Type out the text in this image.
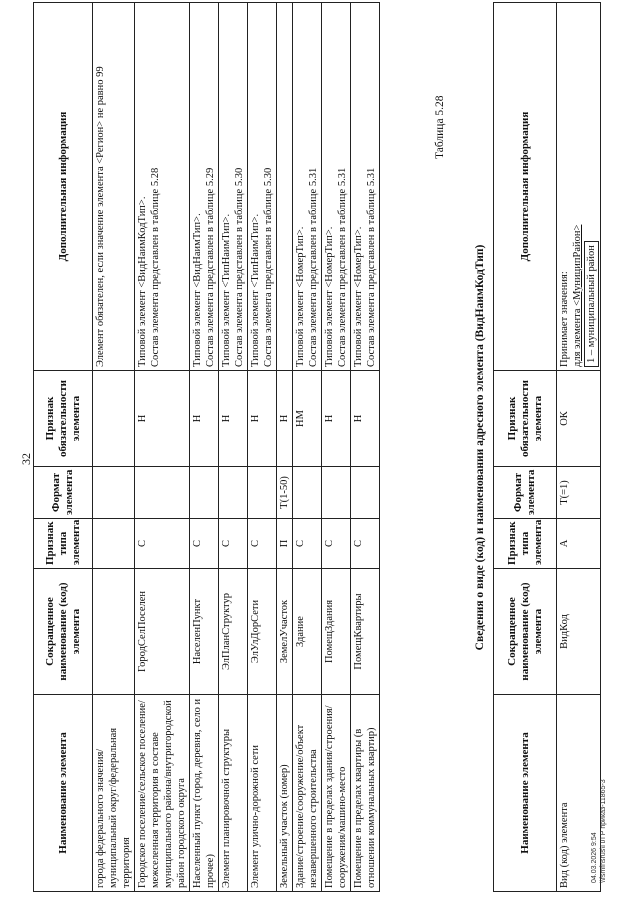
32
Наименование элемента	Сокращенное наименование (код) элемента	Признак типа элемента	Формат элемента	Признак обязательности элемента	Дополнительная информация

города федерального значения/муниципальный округ/федеральная территория					Элемент обязателен, если значение элемента <Регион> не равно 99

Городское поселение/сельское поселение/межселенная территория в составе муниципального района/внутригородской район городского округа	ГородСелПоселен	С		Н	Типовой элемент <ВидНаимКодТип>. Состав элемента представлен в таблице 5.28

Населенный пункт (город, деревня, село и прочее)	НаселенПункт	С		Н	Типовой элемент <ВидНаимТип>. Состав элемента представлен в таблице 5.29

Элемент планировочной структуры	ЭлПланСтруктур	С		Н	Типовой элемент <ТипНаимТип>. Состав элемента представлен в таблице 5.30

Элемент улично-дорожной сети	ЭлУлДорСети	С		Н	Типовой элемент <ТипНаимТип>. Состав элемента представлен в таблице 5.30

Земельный участок (номер)	ЗемелУчасток	П	Т(1-50)	Н	

Здание/строение/сооружение/объект незавершенного строительства	Здание	С		НМ	Типовой элемент <НомерТип>. Состав элемента представлен в таблице 5.31

Помещение в пределах здания/строения/сооружения/машино-место	ПомещЗдания	С		Н	Типовой элемент <НомерТип>. Состав элемента представлен в таблице 5.31

Помещение в пределах квартиры (в отношении коммунальных квартир)	ПомещКвартиры	С		Н	Типовой элемент <НомерТип>. Состав элемента представлен в таблице 5.31
Таблица 5.28
Сведения о виде (код) и наименовании адресного элемента (ВидНаимКодТип)
Наименование элемента	Сокращенное наименование (код) элемента	Признак типа элемента	Формат элемента	Признак обязательности элемента	Дополнительная информация
Вид (код) элемента	ВидКод	А	Т(=1)	ОК	Принимает значения: для элемента <МуниципРайон> 1 – муниципальный район
04.03.2026 9:54 \\fsmfnsrus\ПЛ Р приказ-11865-3
